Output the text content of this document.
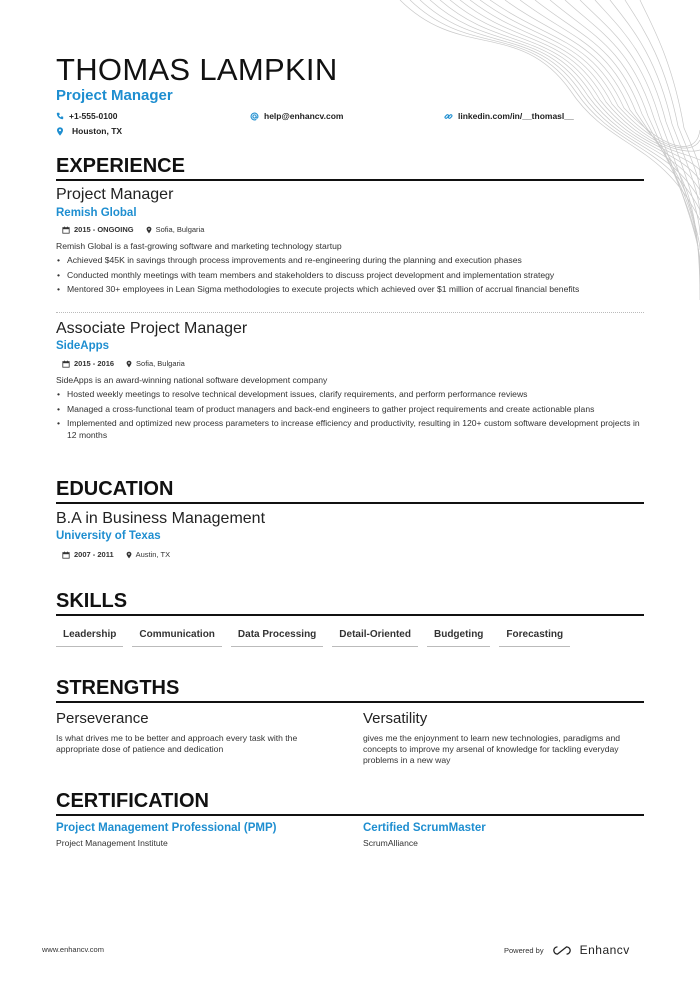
THOMAS LAMPKIN
Project Manager
+1-555-0100	help@enhancv.com	linkedin.com/in/__thomasl__
Houston, TX
EXPERIENCE
Project Manager
Remish Global
2015 - ONGOING	Sofia, Bulgaria
Remish Global is a fast-growing software and marketing technology startup
• Achieved $45K in savings through process improvements and re-engineering during the planning and execution phases
• Conducted monthly meetings with team members and stakeholders to discuss project development and implementation strategy
• Mentored 30+ employees in Lean Sigma methodologies to execute projects which achieved over $1 million of accrual financial benefits
Associate Project Manager
SideApps
2015 - 2016	Sofia, Bulgaria
SideApps is an award-winning national software development company
• Hosted weekly meetings to resolve technical development issues, clarify requirements, and perform performance reviews
• Managed a cross-functional team of product managers and back-end engineers to gather project requirements and create actionable plans
• Implemented and optimized new process parameters to increase efficiency and productivity, resulting in 120+ custom software development projects in 12 months
EDUCATION
B.A in Business Management
University of Texas
2007 - 2011	Austin, TX
SKILLS
Leadership	Communication	Data Processing	Detail-Oriented	Budgeting	Forecasting
STRENGTHS
Perseverance
Is what drives me to be better and approach every task with the appropriate dose of patience and dedication
Versatility
gives me the enjoynment to learn new technologies, paradigms and concepts to improve my arsenal of knowledge for tackling everyday problems in a new way
CERTIFICATION
Project Management Professional (PMP)
Project Management Institute
Certified ScrumMaster
ScrumAlliance
www.enhancv.com	Powered by	Enhancv
